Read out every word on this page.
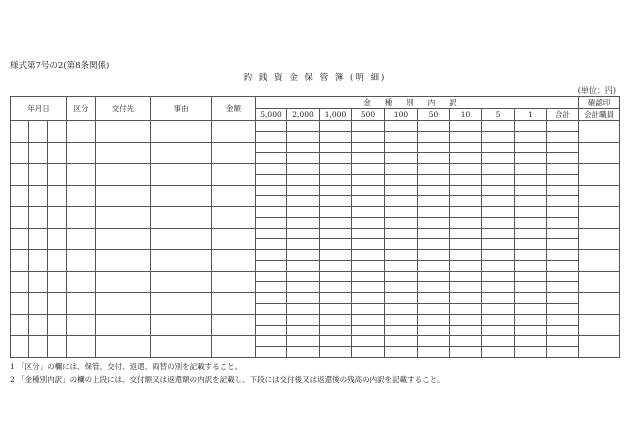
様式第7号の2(第8条関係)
釣 銭 資 金 保 管 簿 (明 細)
(単位：円)
年月日			区分	交付先	事由	金額	金種別内訳										確認印
							5,000	2,000	1,000	500	100	50	10	5	1	合計	会計職員

1 「区分」の欄には、保管、交付、返還、両替の別を記載すること。
2 「金種別内訳」の欄の上段には、交付額又は返還額の内訳を記載し、下段には交付後又は返還後の残高の内訳を記載すること。
